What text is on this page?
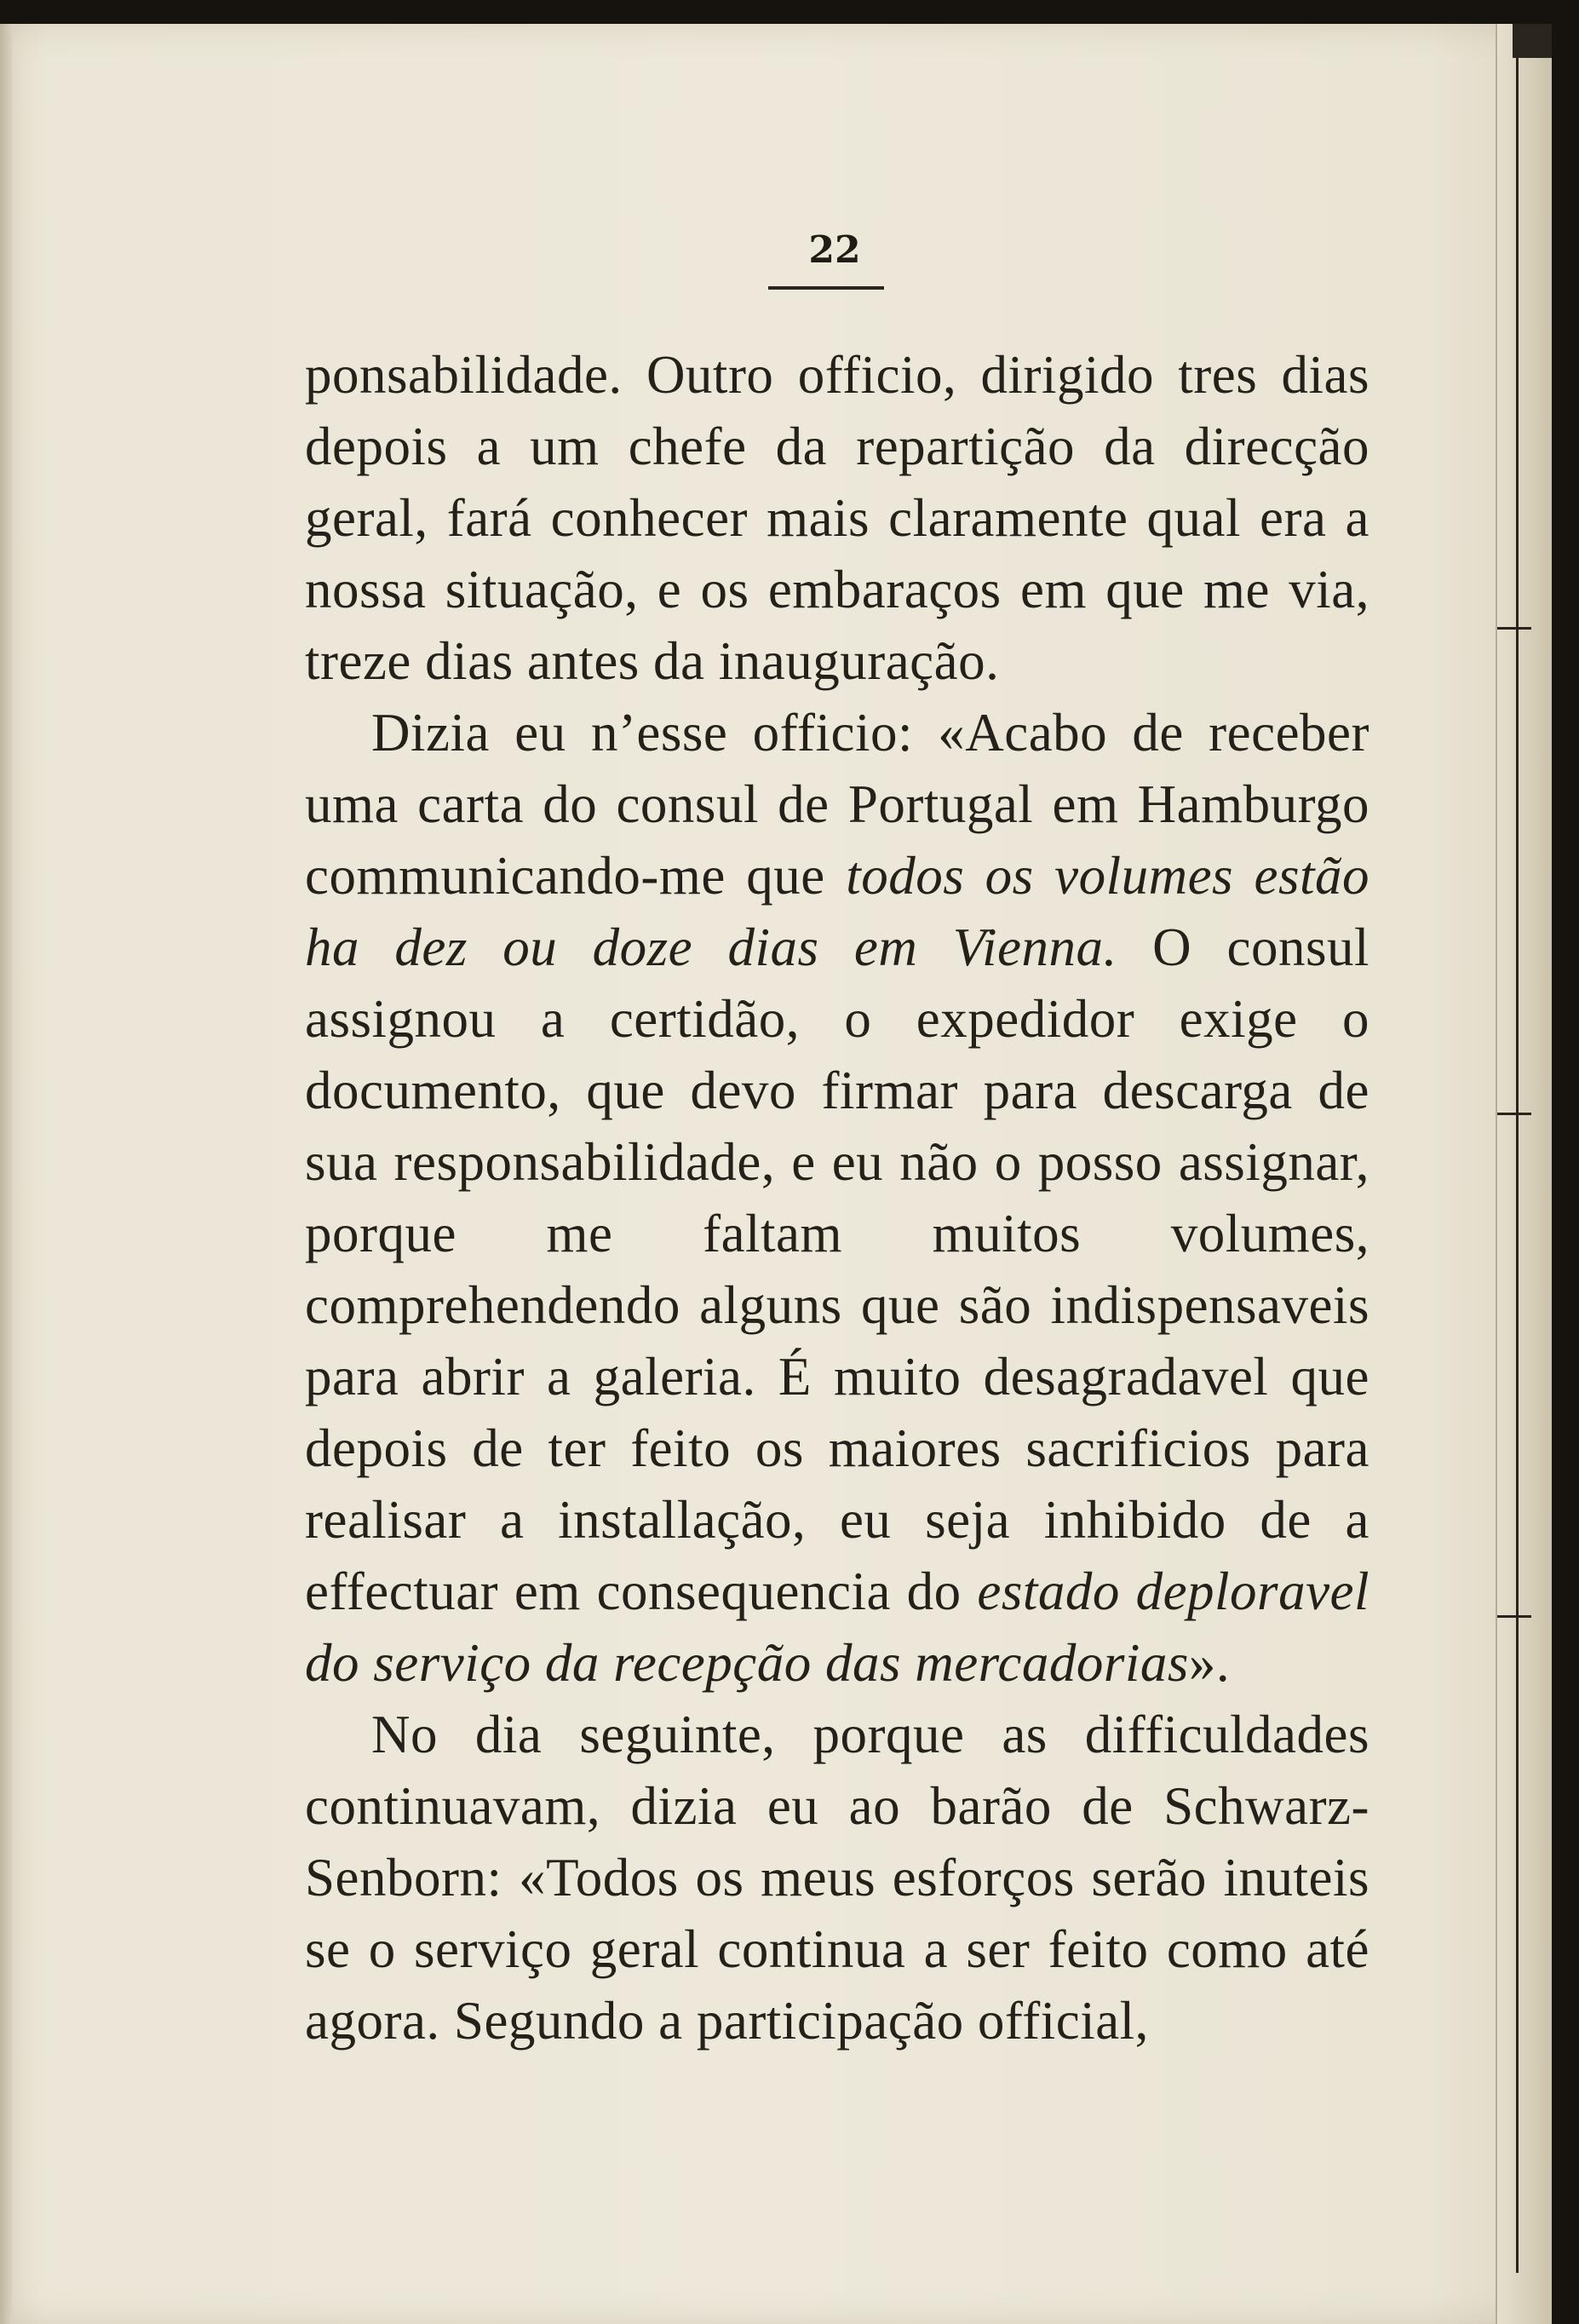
22

ponsabilidade. Outro officio, dirigido tres dias depois a um chefe da repartição da direcção geral, fará conhecer mais claramente qual era a nossa situação, e os embaraços em que me via, treze dias antes da inauguração.

Dizia eu n’esse officio: «Acabo de receber uma carta do consul de Portugal em Hamburgo communicando-me que todos os volumes estão ha dez ou doze dias em Vienna. O consul assignou a certidão, o expedidor exige o documento, que devo firmar para descarga de sua responsabilidade, e eu não o posso assignar, porque me faltam muitos volumes, comprehendendo alguns que são indispensaveis para abrir a galeria. É muito desagradavel que depois de ter feito os maiores sacrificios para realisar a installação, eu seja inhibido de a effectuar em consequencia do estado deploravel do serviço da recepção das mercadorias».

No dia seguinte, porque as difficuldades continuavam, dizia eu ao barão de Schwarz-Senborn: «Todos os meus esforços serão inuteis se o serviço geral continua a ser feito como até agora. Segundo a participação official,
